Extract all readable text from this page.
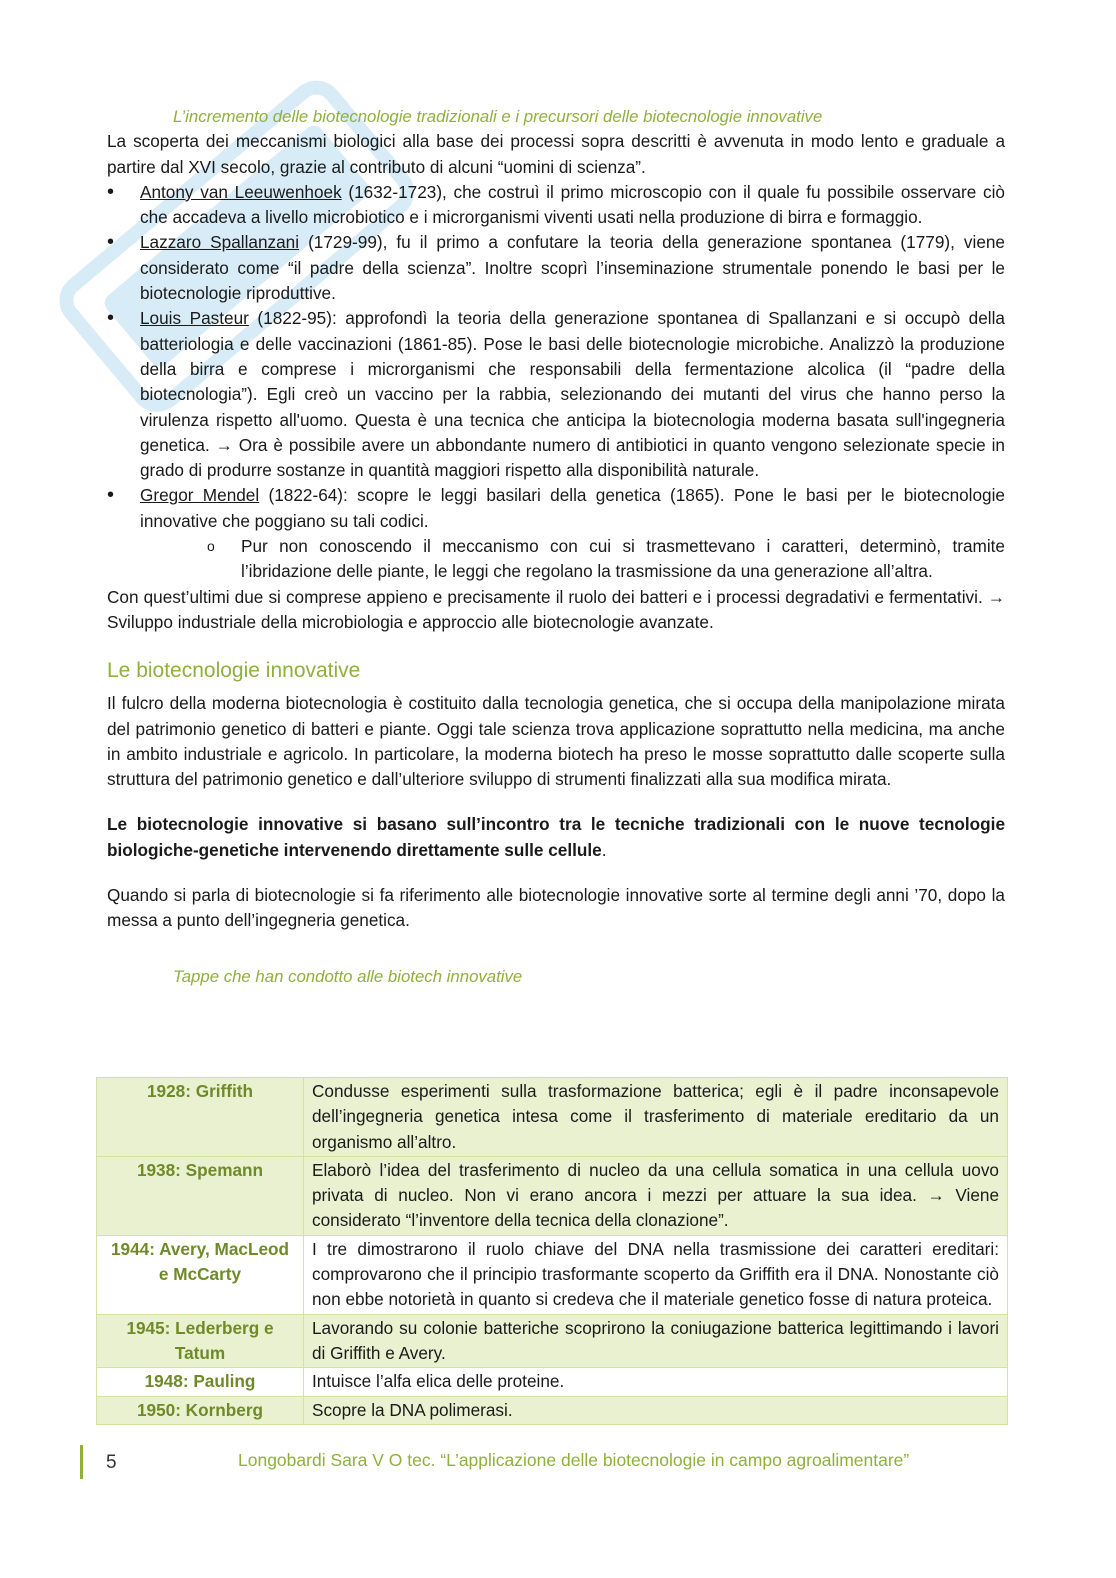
L’incremento delle biotecnologie tradizionali e i precursori delle biotecnologie innovative

La scoperta dei meccanismi biologici alla base dei processi sopra descritti è avvenuta in modo lento e graduale a partire dal XVI secolo, grazie al contributo di alcuni “uomini di scienza”.

• Antony van Leeuwenhoek (1632-1723), che costruì il primo microscopio con il quale fu possibile osservare ciò che accadeva a livello microbiotico e i microrganismi viventi usati nella produzione di birra e formaggio.
• Lazzaro Spallanzani (1729-99), fu il primo a confutare la teoria della generazione spontanea (1779), viene considerato come “il padre della scienza”. Inoltre scoprì l’inseminazione strumentale ponendo le basi per le biotecnologie riproduttive.
• Louis Pasteur (1822-95): approfondì la teoria della generazione spontanea di Spallanzani e si occupò della batteriologia e delle vaccinazioni (1861-85). Pose le basi delle biotecnologie microbiche. Analizzò la produzione della birra e comprese i microrganismi che responsabili della fermentazione alcolica (il “padre della biotecnologia”). Egli creò un vaccino per la rabbia, selezionando dei mutanti del virus che hanno perso la virulenza rispetto all'uomo. Questa è una tecnica che anticipa la biotecnologia moderna basata sull'ingegneria genetica. → Ora è possibile avere un abbondante numero di antibiotici in quanto vengono selezionate specie in grado di produrre sostanze in quantità maggiori rispetto alla disponibilità naturale.
• Gregor Mendel (1822-64): scopre le leggi basilari della genetica (1865). Pone le basi per le biotecnologie innovative che poggiano su tali codici.
o Pur non conoscendo il meccanismo con cui si trasmettevano i caratteri, determinò, tramite l’ibridazione delle piante, le leggi che regolano la trasmissione da una generazione all’altra.

Con quest’ultimi due si comprese appieno e precisamente il ruolo dei batteri e i processi degradativi e fermentativi. → Sviluppo industriale della microbiologia e approccio alle biotecnologie avanzate.

Le biotecnologie innovative

Il fulcro della moderna biotecnologia è costituito dalla tecnologia genetica, che si occupa della manipolazione mirata del patrimonio genetico di batteri e piante. Oggi tale scienza trova applicazione soprattutto nella medicina, ma anche in ambito industriale e agricolo. In particolare, la moderna biotech ha preso le mosse soprattutto dalle scoperte sulla struttura del patrimonio genetico e dall’ulteriore sviluppo di strumenti finalizzati alla sua modifica mirata.

Le biotecnologie innovative si basano sull’incontro tra le tecniche tradizionali con le nuove tecnologie biologiche-genetiche intervenendo direttamente sulle cellule.

Quando si parla di biotecnologie si fa riferimento alle biotecnologie innovative sorte al termine degli anni ’70, dopo la messa a punto dell’ingegneria genetica.

Tappe che han condotto alle biotech innovative

1928: Griffith	Condusse esperimenti sulla trasformazione batterica; egli è il padre inconsapevole dell’ingegneria genetica intesa come il trasferimento di materiale ereditario da un organismo all’altro.
1938: Spemann	Elaborò l’idea del trasferimento di nucleo da una cellula somatica in una cellula uovo privata di nucleo. Non vi erano ancora i mezzi per attuare la sua idea. → Viene considerato “l’inventore della tecnica della clonazione”.
1944: Avery, MacLeod e McCarty	I tre dimostrarono il ruolo chiave del DNA nella trasmissione dei caratteri ereditari: comprovarono che il principio trasformante scoperto da Griffith era il DNA. Nonostante ciò non ebbe notorietà in quanto si credeva che il materiale genetico fosse di natura proteica.
1945: Lederberg e Tatum	Lavorando su colonie batteriche scoprirono la coniugazione batterica legittimando i lavori di Griffith e Avery.
1948: Pauling	Intuisce l’alfa elica delle proteine.
1950: Kornberg	Scopre la DNA polimerasi.
5	Longobardi Sara V O tec. “L’applicazione delle biotecnologie in campo agroalimentare”
